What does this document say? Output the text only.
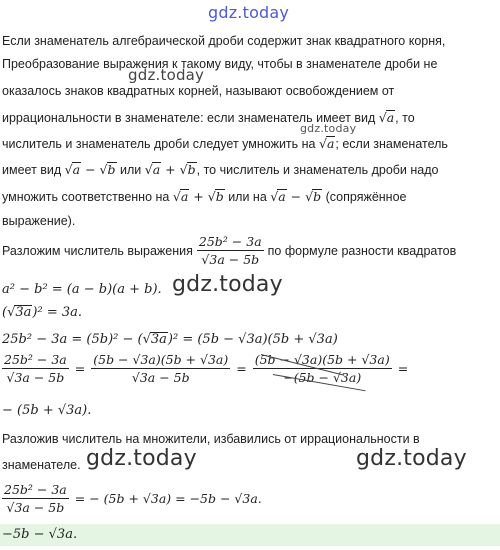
gdz.today
gdz.today
gdz.today
gdz.today
gdz.today	gdz.today
Если знаменатель алгебраической дроби содержит знак квадратного корня,
Преобразование выражения к такому виду, чтобы в знаменателе дроби не
оказалось знаков квадратных корней, называют освобождением от
иррациональности в знаменателе: если знаменатель имеет вид √a, то
числитель и знаменатель дроби следует умножить на √a; если знаменатель
имеет вид √a − √b или √a + √b, то числитель и знаменатель дроби надо
умножить соответственно на √a + √b или на √a − √b (сопряжённое
выражение).
Разложим числитель выражения $\frac{\text{25b² − 3a}}{√3a - 5b}$ по формуле разности квадратов
a² − b² = (a − b)(a + b).
(√3a)² = 3a.
25b² − 3a = (5b)² − (√3a)² = (5b − √3a)(5b + √3a)
$\frac{\text{25b² − 3a}}{√3a - 5b} = \frac{(5b - √3a)(5b + √3a)}{√3a - 5b} = \frac{(5b - √3a)(5b + √3a)}{-(5b - √3a)}$ =
− (5b + √3a).
Разложив числитель на множители, избавились от иррациональности в
знаменателе.
$\frac{\text{25b² − 3a}}{√3a - 5b}$ = − (5b + √3a) = −5b − √3a.
−5b − √3a.
